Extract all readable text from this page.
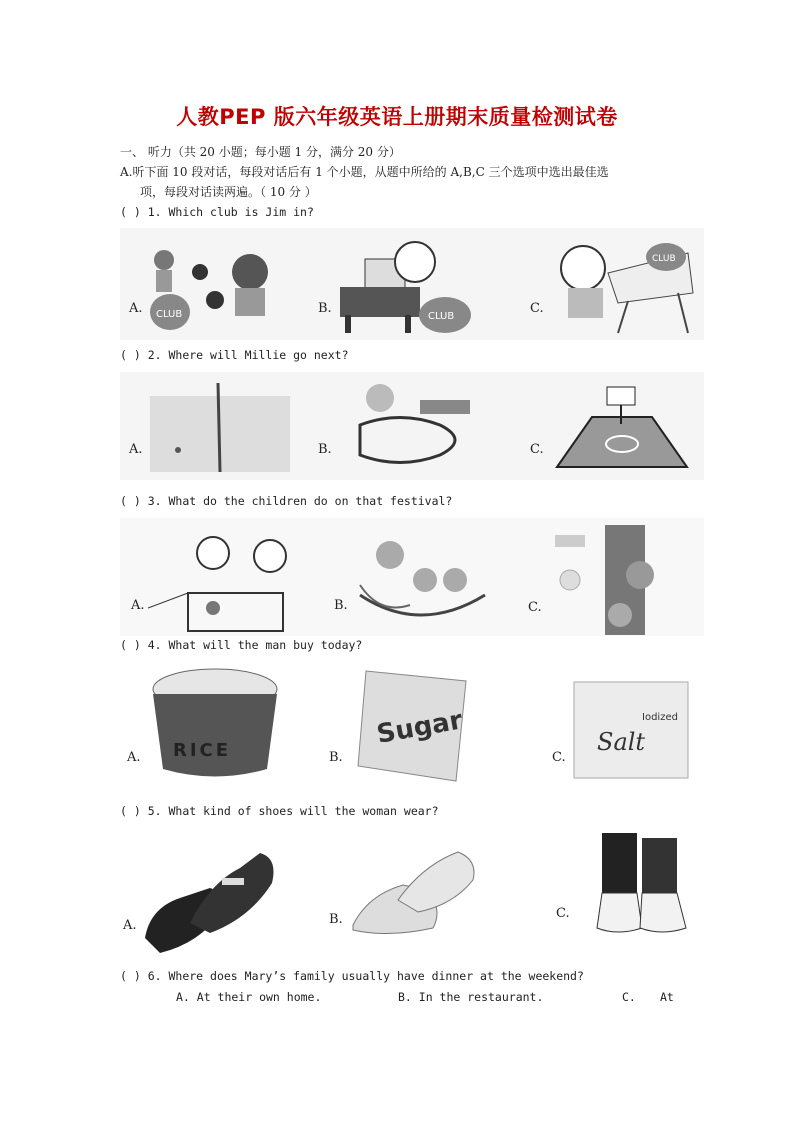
人教PEP 版六年级英语上册期末质量检测试卷
一、 听力（共 20 小题；每小题 1 分，满分 20 分）
A.听下面 10 段对话，每段对话后有 1 个小题，从题中所给的 A,B,C 三个选项中选出最佳选
项，每段对话读两遍。（ 10 分 ）
( ) 1. Which club is Jim in?
A.	B.	C.
CLUB	CLUB
CLUB
( ) 2. Where will Millie go next?
A.	B.	C.
( ) 3. What do the children do on that festival?
A.	B.	C.
( ) 4. What will the man buy today?
A.	B.	C.
RICE
Sugar	Iodized
Salt
( ) 5. What kind of shoes will the woman wear?
A.	B.	C.
( ) 6. Where does Mary’s family usually have dinner at the weekend?
A. At their own home.	B. In the restaurant.	C. At
